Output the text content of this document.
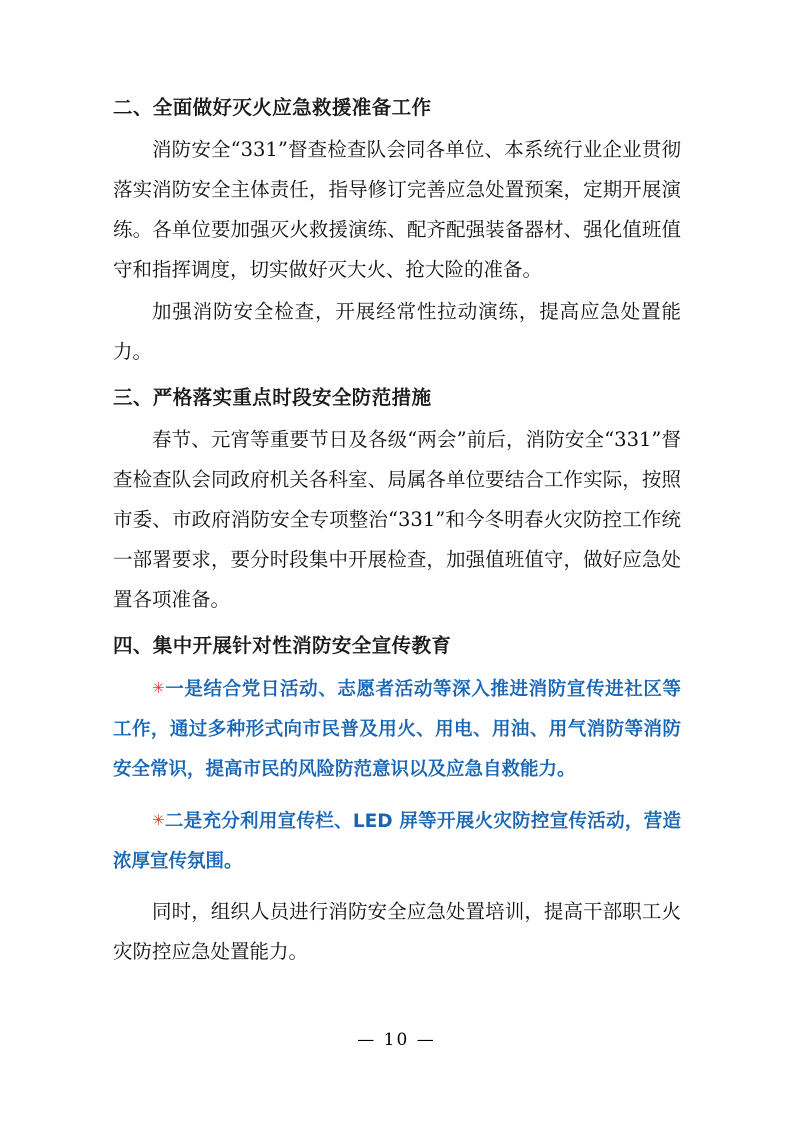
二、全面做好灭火应急救援准备工作

消防安全“331”督查检查队会同各单位、本系统行业企业贯彻落实消防安全主体责任，指导修订完善应急处置预案，定期开展演练。各单位要加强灭火救援演练、配齐配强装备器材、强化值班值守和指挥调度，切实做好灭大火、抢大险的准备。

加强消防安全检查，开展经常性拉动演练，提高应急处置能力。

三、严格落实重点时段安全防范措施

春节、元宵等重要节日及各级“两会”前后，消防安全“331”督查检查队会同政府机关各科室、局属各单位要结合工作实际，按照市委、市政府消防安全专项整治“331”和今冬明春火灾防控工作统一部署要求，要分时段集中开展检查，加强值班值守，做好应急处置各项准备。

四、集中开展针对性消防安全宣传教育

✳一是结合党日活动、志愿者活动等深入推进消防宣传进社区等工作，通过多种形式向市民普及用火、用电、用油、用气消防等消防安全常识，提高市民的风险防范意识以及应急自救能力。

✳二是充分利用宣传栏、LED 屏等开展火灾防控宣传活动，营造浓厚宣传氛围。

同时，组织人员进行消防安全应急处置培训，提高干部职工火灾防控应急处置能力。

— 10 —
